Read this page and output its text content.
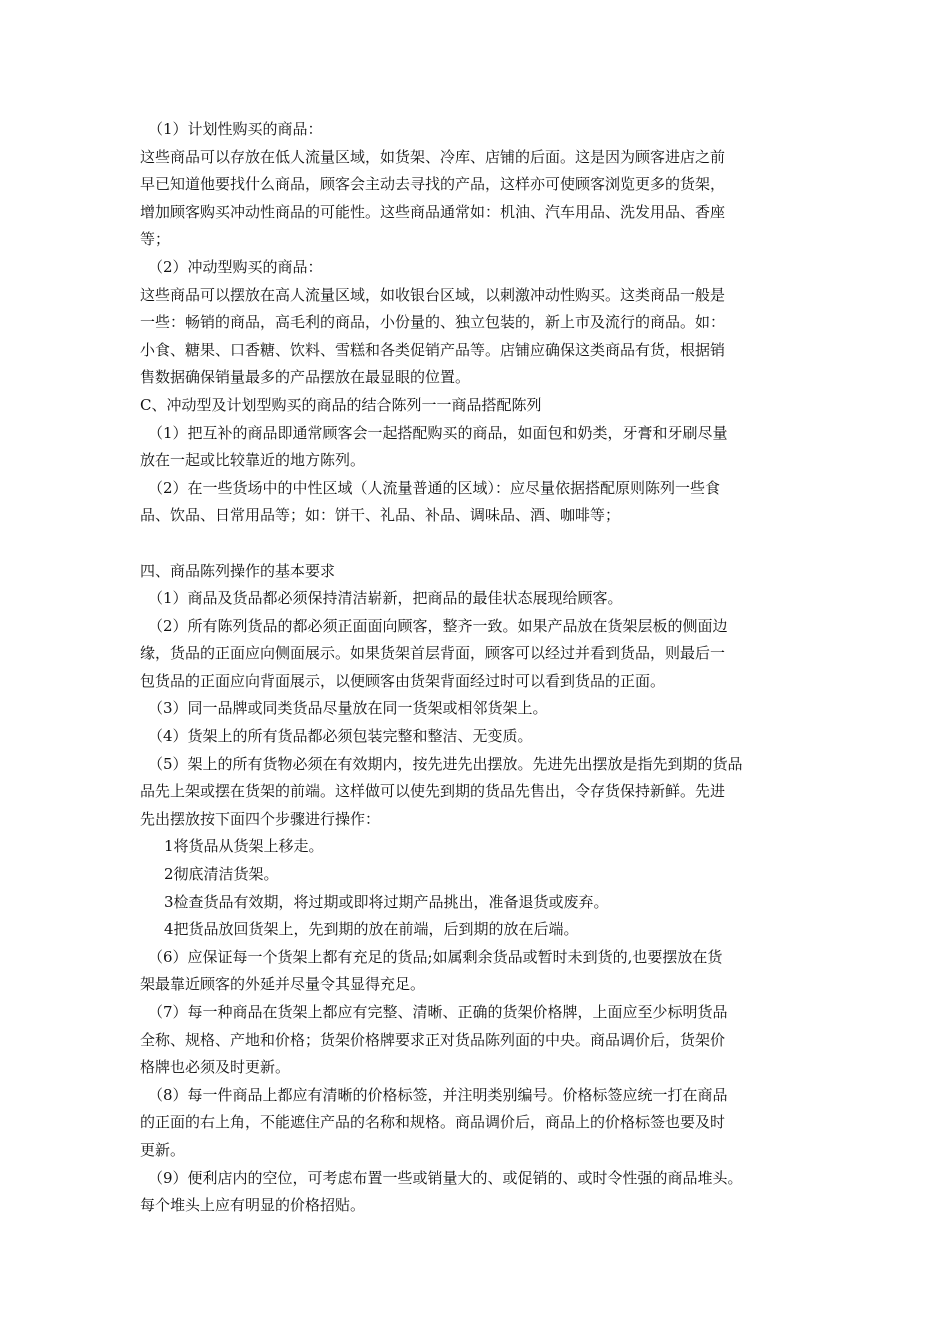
（1）计划性购买的商品：

这些商品可以存放在低人流量区域，如货架、冷库、店铺的后面。这是因为顾客进店之前

早已知道他要找什么商品，顾客会主动去寻找的产品，这样亦可使顾客浏览更多的货架，

增加顾客购买冲动性商品的可能性。这些商品通常如：机油、汽车用品、洗发用品、香座

等；

（2）冲动型购买的商品：

这些商品可以摆放在高人流量区域，如收银台区域，以刺激冲动性购买。这类商品一般是

一些：畅销的商品，高毛利的商品，小份量的、独立包装的，新上市及流行的商品。如：

小食、糖果、口香糖、饮料、雪糕和各类促销产品等。店铺应确保这类商品有货，根据销

售数据确保销量最多的产品摆放在最显眼的位置。

C、冲动型及计划型购买的商品的结合陈列一一商品搭配陈列

（1）把互补的商品即通常顾客会一起搭配购买的商品，如面包和奶类，牙膏和牙刷尽量

放在一起或比较靠近的地方陈列。

（2）在一些货场中的中性区域（人流量普通的区域）：应尽量依据搭配原则陈列一些食

品、饮品、日常用品等；如：饼干、礼品、补品、调味品、酒、咖啡等；

四、商品陈列操作的基本要求

（1）商品及货品都必须保持清洁崭新，把商品的最佳状态展现给顾客。

（2）所有陈列货品的都必须正面面向顾客，整齐一致。如果产品放在货架层板的侧面边

缘，货品的正面应向侧面展示。如果货架首层背面，顾客可以经过并看到货品，则最后一

包货品的正面应向背面展示，以便顾客由货架背面经过时可以看到货品的正面。

（3）同一品牌或同类货品尽量放在同一货架或相邻货架上。

（4）货架上的所有货品都必须包装完整和整洁、无变质。

（5）架上的所有货物必须在有效期内，按先进先出摆放。先进先出摆放是指先到期的货品

品先上架或摆在货架的前端。这样做可以使先到期的货品先售出，令存货保持新鲜。先进

先出摆放按下面四个步骤进行操作：

1将货品从货架上移走。

2彻底清洁货架。

3检查货品有效期，将过期或即将过期产品挑出，准备退货或废弃。

4把货品放回货架上，先到期的放在前端，后到期的放在后端。

（6）应保证每一个货架上都有充足的货品;如属剩余货品或暂时未到货的,也要摆放在货

架最靠近顾客的外延并尽量令其显得充足。

（7）每一种商品在货架上都应有完整、清晰、正确的货架价格牌，上面应至少标明货品

全称、规格、产地和价格；货架价格牌要求正对货品陈列面的中央。商品调价后，货架价

格牌也必须及时更新。

（8）每一件商品上都应有清晰的价格标签，并注明类别编号。价格标签应统一打在商品

的正面的右上角，不能遮住产品的名称和规格。商品调价后，商品上的价格标签也要及时

更新。

（9）便利店内的空位，可考虑布置一些或销量大的、或促销的、或时令性强的商品堆头。

每个堆头上应有明显的价格招贴。
